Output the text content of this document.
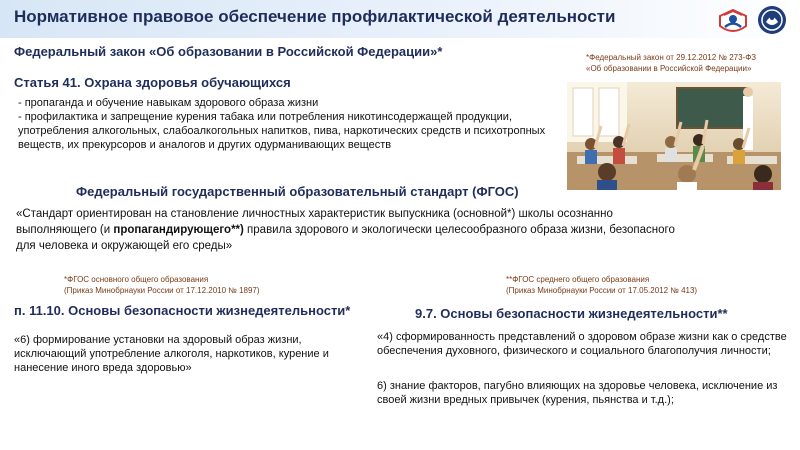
Нормативное правовое обеспечение профилактической деятельности

Федеральный закон «Об образовании в Российской Федерации»*	*Федеральный закон от 29.12.2012 № 273-ФЗ
«Об образовании в Российской Федерации»

Статья 41. Охрана здоровья обучающихся

- пропаганда и обучение навыкам здорового образа жизни
- профилактика и запрещение курения табака или потребления никотинсодержащей продукции, употребления алкогольных, слабоалкогольных напитков, пива, наркотических средств и психотропных веществ, их прекурсоров и аналогов и других одурманивающих веществ

Федеральный государственный образовательный стандарт (ФГОС)

«Стандарт ориентирован на становление личностных характеристик выпускника (основной*) школы осознанно выполняющего (и пропагандирующего**) правила здорового и экологически целесообразного образа жизни, безопасного для человека и окружающей его среды»

*ФГОС основного общего образования
(Приказ Минобрнауки России от 17.12.2010 № 1897)
**ФГОС среднего общего образования
(Приказ Минобрнауки России от 17.05.2012 № 413)

п. 11.10. Основы безопасности жизнедеятельности*

«6) формирование установки на здоровый образ жизни, исключающий употребление алкоголя, наркотиков, курение и нанесение иного вреда здоровью»

9.7. Основы безопасности жизнедеятельности**

«4) сформированность представлений о здоровом образе жизни как о средстве обеспечения духовного, физического и социального благополучия личности;

6) знание факторов, пагубно влияющих на здоровье человека, исключение из своей жизни вредных привычек (курения, пьянства и т.д.);
